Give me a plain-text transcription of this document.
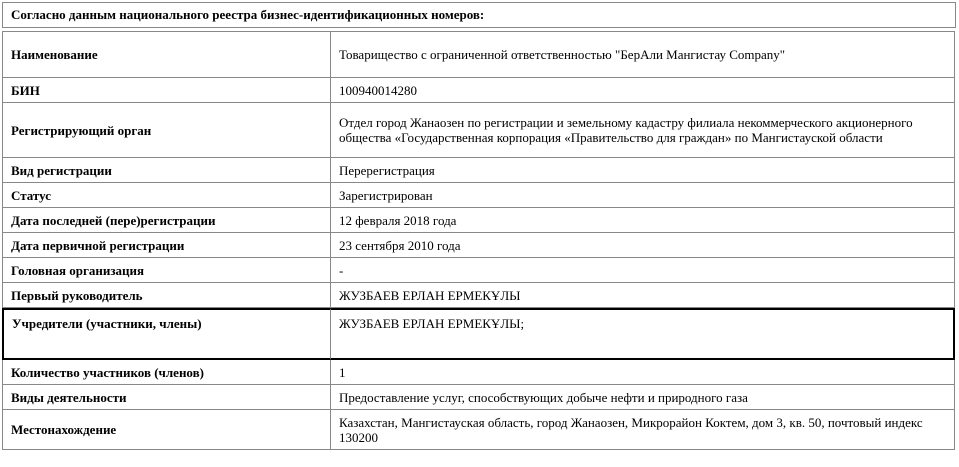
Согласно данным национального реестра бизнес-идентификационных номеров:
Наименование	Товарищество с ограниченной ответственностью "БерАли Мангистау Company"
БИН	100940014280
Регистрирующий орган	Отдел город Жанаозен по регистрации и земельному кадастру филиала некоммерческого акционерного общества «Государственная корпорация «Правительство для граждан» по Мангистауской области
Вид регистрации	Перерегистрация
Статус	Зарегистрирован
Дата последней (пере)регистрации	12 февраля 2018 года
Дата первичной регистрации	23 сентября 2010 года
Головная организация	-
Первый руководитель	ЖУЗБАЕВ ЕРЛАН ЕРМЕКҰЛЫ
Учредители (участники, члены)	ЖУЗБАЕВ ЕРЛАН ЕРМЕКҰЛЫ;
Количество участников (членов)	1
Виды деятельности	Предоставление услуг, способствующих добыче нефти и природного газа
Местонахождение	Казахстан, Мангистауская область, город Жанаозен, Микрорайон Коктем, дом 3, кв. 50, почтовый индекс 130200
